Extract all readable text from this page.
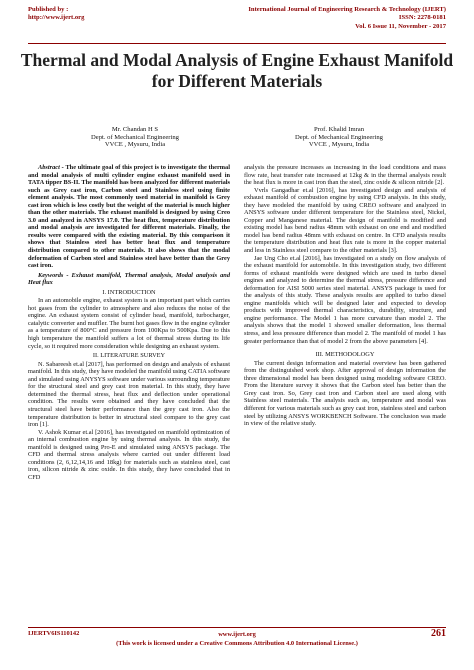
Published by :
http://www.ijert.org
International Journal of Engineering Research & Technology (IJERT)
ISSN: 2278-0181
Vol. 6 Issue 11, November - 2017
Thermal and Modal Analysis of Engine Exhaust Manifold for Different Materials
Mr. Chandan H S
Dept. of Mechanical Engineering
VVCE , Mysuru, India
Prof. Khalid Imran
Dept. of Mechanical Engineering
VVCE , Mysuru, India

Abstract - The ultimate goal of this project is to investigate the thermal and modal analysis of multi cylinder engine exhaust manifold used in TATA tipper BS-II. The manifold has been analyzed for different materials such as Grey cast iron, Carbon steel and Stainless steel using finite element analysis. The most commonly used material in manifold is Grey cast iron which is less costly but the weight of the material is much higher than the other materials. The exhaust manifold is designed by using Creo 3.0 and analyzed in ANSYS 17.0. The heat flux, temperature distribution and modal analysis are investigated for different materials. Finally, the results were compared with the existing material. By this comparison it shows that Stainless steel has better heat flux and temperature distribution compared to other materials. It also shows that the modal deformation of Carbon steel and Stainless steel have better than the Grey cast iron.

Keywords - Exhaust manifold, Thermal analysis, Modal analysis and Heat flux

I. INTRODUCTION

In an automobile engine, exhaust system is an important part which carries hot gases from the cylinder to atmosphere and also reduces the noise of the engine. An exhaust system consist of cylinder head, manifold, turbocharger, catalytic converter and muffler. The burnt hot gases flow in the engine cylinder as a temperature of 800°C and pressure from 100Kpa to 500Kpa. Due to this high temperature the manifold suffers a lot of thermal stress during its life cycle, so it required more consideration while designing an exhaust system.

II. LITERATURE SURVEY

N. Sabareesh et.al [2017], has performed on design and analysis of exhaust manifold. In this study, they have modeled the manifold using CATIA software and simulated using ANYSYS software under various surrounding temperature for the structural steel and grey cast iron material. In this study, they have determined the thermal stress, heat flux and deflection under operational condition. The results were obtained and they have concluded that the structural steel have better performance than the grey cast iron. Also the temperature distribution is better in structural steel compare to the grey cast iron [1].

V. Ashok Kumar et.al [2016], has investigated on manifold optimization of an internal combustion engine by using thermal analysis. In this study, the manifold is designed using Pro-E and simulated using ANSYS package. The CFD and thermal stress analysis where carried out under different load conditions (2, 6,12,14,16 and 18kg) for materials such as stainless steel, cast iron, silicon nitride & zinc oxide. In this study, they have concluded that in CFD

analysis the pressure increases as increasing in the load conditions and mass flow rate, heat transfer rate increased at 12kg & in the thermal analysis result the heat flux is more in cast iron than the steel, zinc oxide & silicon nitride [2].

Vvrls Gangadhar et.al [2016], has investigated design and analysis of exhaust manifold of combustion engine by using CFD analysis. In this study, they have modeled the manifold by using CREO software and analyzed in ANSYS software under different temperature for the Stainless steel, Nickel, Copper and Manganese material. The design of manifold is modified and existing model has bend radius 48mm with exhaust on one end and modified model has bend radius 48mm with exhaust on centre. In CFD analysis results the temperature distribution and heat flux rate is more in the copper material and less in Stainless steel compare to the other materials [3].

Jae Ung Cho et.al [2016], has investigated on a study on flow analysis of the exhaust manifold for automobile. In this investigation study, two different forms of exhaust manifolds were designed which are used in turbo diesel engines and analyzed to determine the thermal stress, pressure difference and deformation for AISI 5000 series steel material. ANSYS package is used for the analysis of this study. These analysis results are applied to turbo diesel engine manifolds which will be designed later and expected to develop products with improved thermal characteristics, durability, structure, and engine performance. The Model 1 has more curvature than model 2. The analysis shows that the model 1 showed smaller deformation, less thermal stress, and less pressure difference than model 2. The manifold of model 1 has greater performance than that of model 2 from the above parameters [4].

III. METHODOLOGY

The current design information and material overview has been gathered from the distinguished work shop. After approval of design information the three dimensional model has been designed using modeling software CREO. From the literature survey it shows that the Carbon steel has better than the Grey cast iron. So, Grey cast iron and Carbon steel are used along with Stainless steel materials. The analysis such as, temperature and modal was different for various materials such as grey cast iron, stainless steel and carbon steel by utilizing ANSYS WORKBENCH Software. The conclusion was made in view of the relative study.

IJERTV6IS110142	www.ijert.org
(This work is licensed under a Creative Commons Attribution 4.0 International License.)
261
